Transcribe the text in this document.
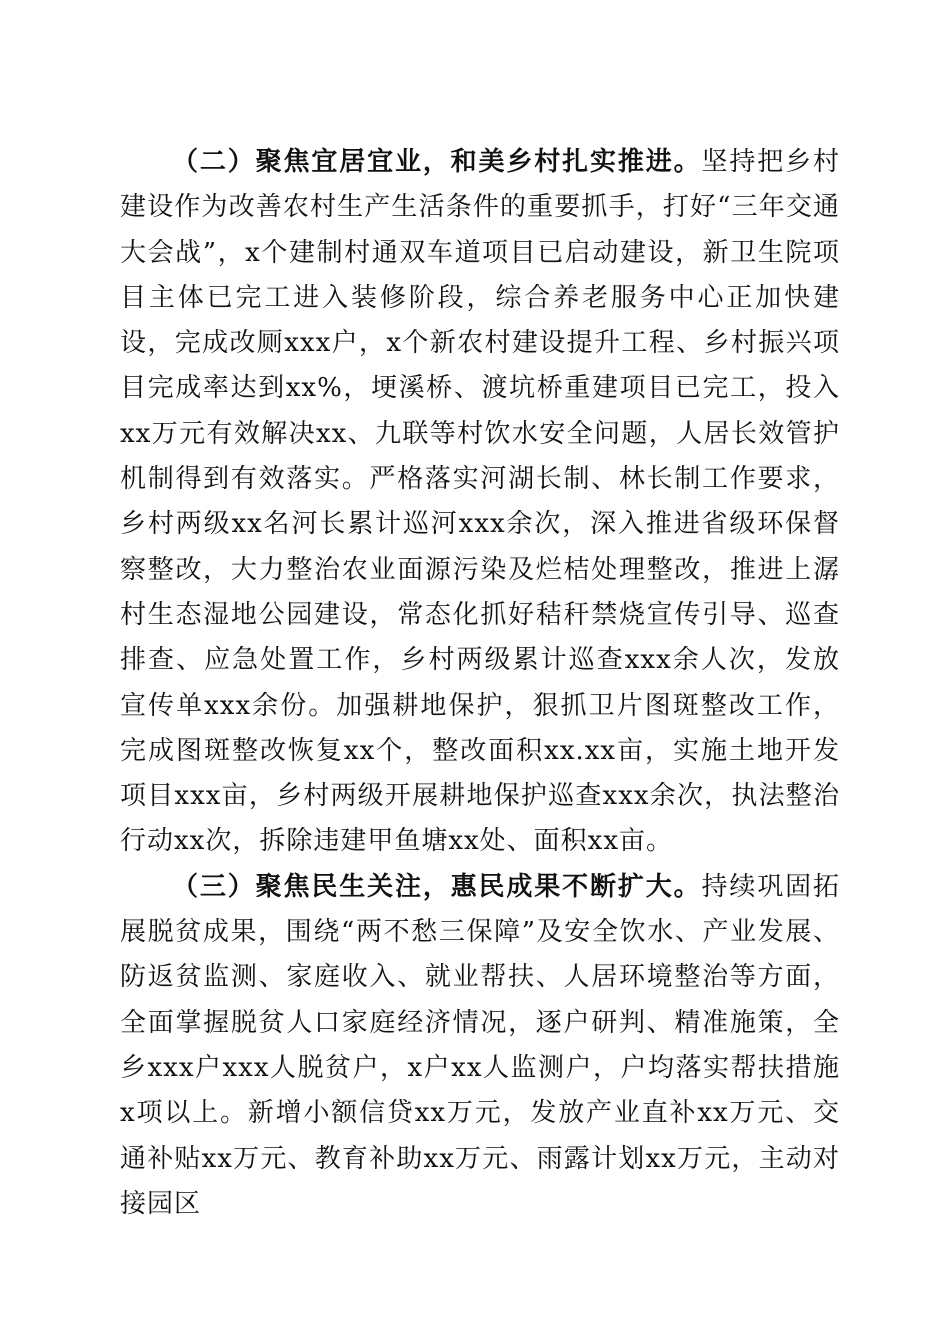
（二）聚焦宜居宜业，和美乡村扎实推进。坚持把乡村建设作为改善农村生产生活条件的重要抓手，打好“三年交通大会战”，x个建制村通双车道项目已启动建设，新卫生院项目主体已完工进入装修阶段，综合养老服务中心正加快建设，完成改厕xxx户，x个新农村建设提升工程、乡村振兴项目完成率达到xx%，埂溪桥、渡坑桥重建项目已完工，投入xx万元有效解决xx、九联等村饮水安全问题，人居长效管护机制得到有效落实。严格落实河湖长制、林长制工作要求，乡村两级xx名河长累计巡河xxx余次，深入推进省级环保督察整改，大力整治农业面源污染及烂桔处理整改，推进上潺村生态湿地公园建设，常态化抓好秸秆禁烧宣传引导、巡查排查、应急处置工作，乡村两级累计巡查xxx余人次，发放宣传单xxx余份。加强耕地保护，狠抓卫片图斑整改工作，完成图斑整改恢复xx个，整改面积xx.xx亩，实施土地开发项目xxx亩，乡村两级开展耕地保护巡查xxx余次，执法整治行动xx次，拆除违建甲鱼塘xx处、面积xx亩。

（三）聚焦民生关注，惠民成果不断扩大。持续巩固拓展脱贫成果，围绕“两不愁三保障”及安全饮水、产业发展、防返贫监测、家庭收入、就业帮扶、人居环境整治等方面，全面掌握脱贫人口家庭经济情况，逐户研判、精准施策，全乡xxx户xxx人脱贫户，x户xx人监测户，户均落实帮扶措施x项以上。新增小额信贷xx万元，发放产业直补xx万元、交通补贴xx万元、教育补助xx万元、雨露计划xx万元，主动对接园区
